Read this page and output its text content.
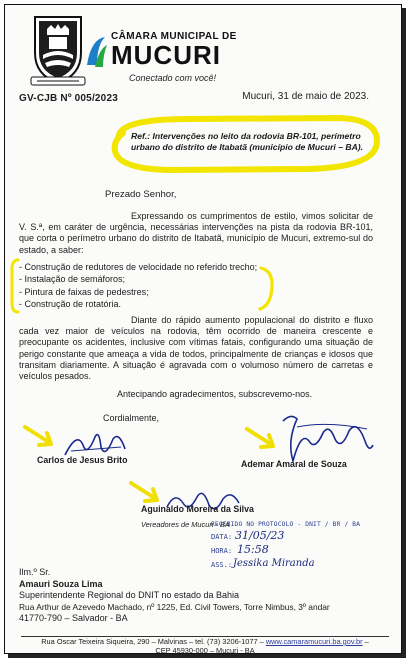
CÂMARA MUNICIPAL DE
MUCURI
Conectado com você!
GV-CJB Nº 005/2023	Mucuri, 31 de maio de 2023.
Ref.: Intervenções no leito da rodovia BR-101, perímetro urbano do distrito de Itabatã (município de Mucuri – BA).
Prezado Senhor,
Expressando os cumprimentos de estilo, vimos solicitar de V. S.ª, em caráter de urgência, necessárias intervenções na pista da rodovia BR-101, que corta o perímetro urbano do distrito de Itabatã, município de Mucuri, extremo-sul do estado, a saber:
- Construção de redutores de velocidade no referido trecho;
- Instalação de semáforos;
- Pintura de faixas de pedestres;
- Construção de rotatória.
Diante do rápido aumento populacional do distrito e fluxo cada vez maior de veículos na rodovia, têm ocorrido de maneira crescente e preocupante os acidentes, inclusive com vítimas fatais, configurando uma situação de perigo constante que ameaça a vida de todos, principalmente de crianças e idosos que transitam diariamente. A situação é agravada com o volumoso número de carretas e veículos pesados.
Antecipando agradecimentos, subscrevemo-nos.
Cordialmente,
Carlos de Jesus Brito	Ademar Amaral de Souza
Aguinaldo Moreira da Silva
Vereadores de Mucuri - BA
RECEBIDO NO PROTOCOLO - DNIT / BR / BA
DATA: 31/05/23
HORA: 15:58
ASS.: Jessika Miranda
Ilm.º Sr.
Amauri Souza Lima
Superintendente Regional do DNIT no estado da Bahia
Rua Arthur de Azevedo Machado, nº 1225, Ed. Civil Towers, Torre Nimbus, 3º andar
41770-790 – Salvador - BA
Rua Oscar Teixeira Siqueira, 290 – Malvinas – tel. (73) 3206-1077 – www.camaramucuri.ba.gov.br –
CEP 45930-000 – Mucuri - BA
